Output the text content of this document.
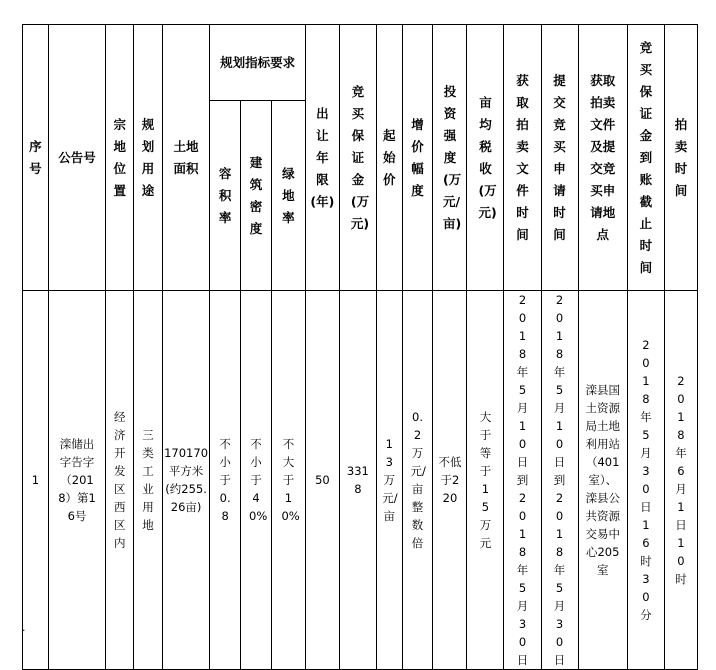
序号	公告号	宗地位置	规划用途	土地面积	规划指标要求			出让年限(年)	竞买保证金(万元)	起始价	增价幅度	投资强度(万元/亩)	亩均税收(万元)	获取拍卖文件时间	提交竞买申请时间	获取拍卖文件及提交竞买申请地点	竞买保证金到账截止时间	拍卖时间
					容积率	建筑密度	绿地率											
1	滦储出字告字（2018）第16号	经济开发区西区内	三类工业用地	170170平方米(约255.26亩)	不小于0.8	不小于40%	不大于10%	50	3318	13万元/亩	0.2万元/亩整数倍	不低于220	大于等于15万元	2018年5月10日到2018年5月30日	2018年5月10日到2018年5月30日	滦县国土资源局土地利用站（401室）、滦县公共资源交易中心205室	2018年5月30日16时30分	2018年6月1日10时
.
